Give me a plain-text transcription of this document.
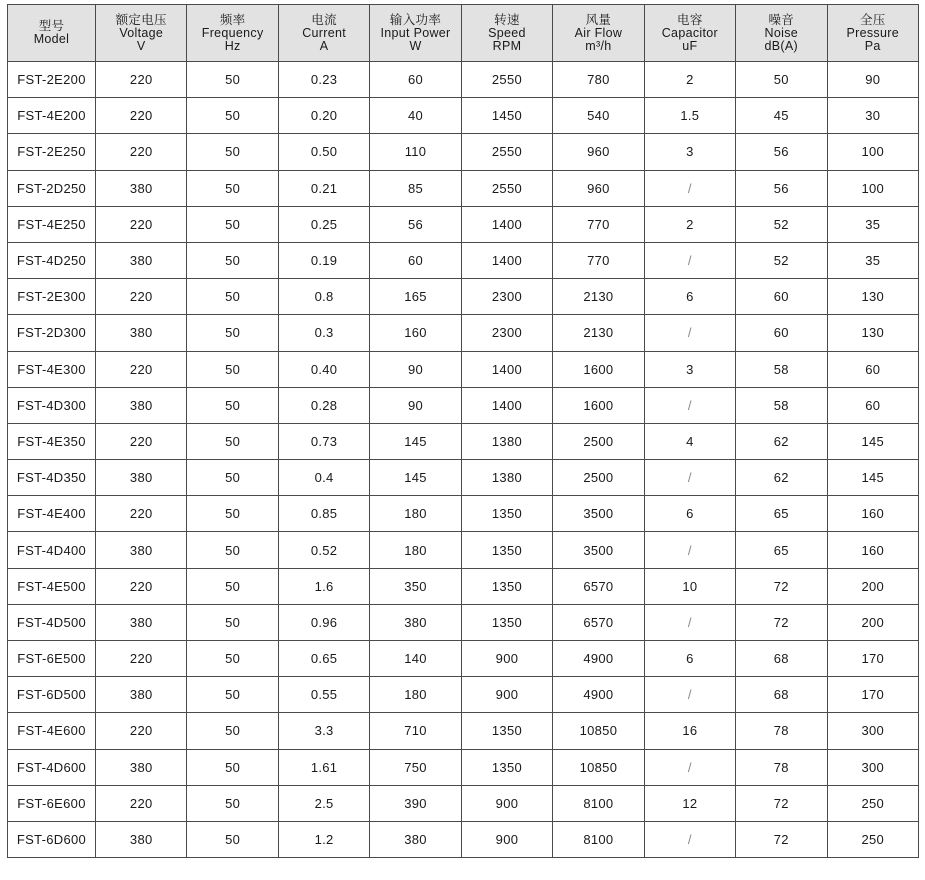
型号
Model	额定电压
Voltage
V	频率
Frequency
Hz	电流
Current
A	输入功率
Input Power
W	转速
Speed
RPM	风量
Air Flow
m³/h	电容
Capacitor
uF	噪音
Noise
dB(A)	全压
Pressure
Pa

FST-2E200	220	50	0.23	60	2550	780	2	50	90
FST-4E200	220	50	0.20	40	1450	540	1.5	45	30
FST-2E250	220	50	0.50	110	2550	960	3	56	100
FST-2D250	380	50	0.21	85	2550	960	/	56	100
FST-4E250	220	50	0.25	56	1400	770	2	52	35
FST-4D250	380	50	0.19	60	1400	770	/	52	35
FST-2E300	220	50	0.8	165	2300	2130	6	60	130
FST-2D300	380	50	0.3	160	2300	2130	/	60	130
FST-4E300	220	50	0.40	90	1400	1600	3	58	60
FST-4D300	380	50	0.28	90	1400	1600	/	58	60
FST-4E350	220	50	0.73	145	1380	2500	4	62	145
FST-4D350	380	50	0.4	145	1380	2500	/	62	145
FST-4E400	220	50	0.85	180	1350	3500	6	65	160
FST-4D400	380	50	0.52	180	1350	3500	/	65	160
FST-4E500	220	50	1.6	350	1350	6570	10	72	200
FST-4D500	380	50	0.96	380	1350	6570	/	72	200
FST-6E500	220	50	0.65	140	900	4900	6	68	170
FST-6D500	380	50	0.55	180	900	4900	/	68	170
FST-4E600	220	50	3.3	710	1350	10850	16	78	300
FST-4D600	380	50	1.61	750	1350	10850	/	78	300
FST-6E600	220	50	2.5	390	900	8100	12	72	250
FST-6D600	380	50	1.2	380	900	8100	/	72	250
